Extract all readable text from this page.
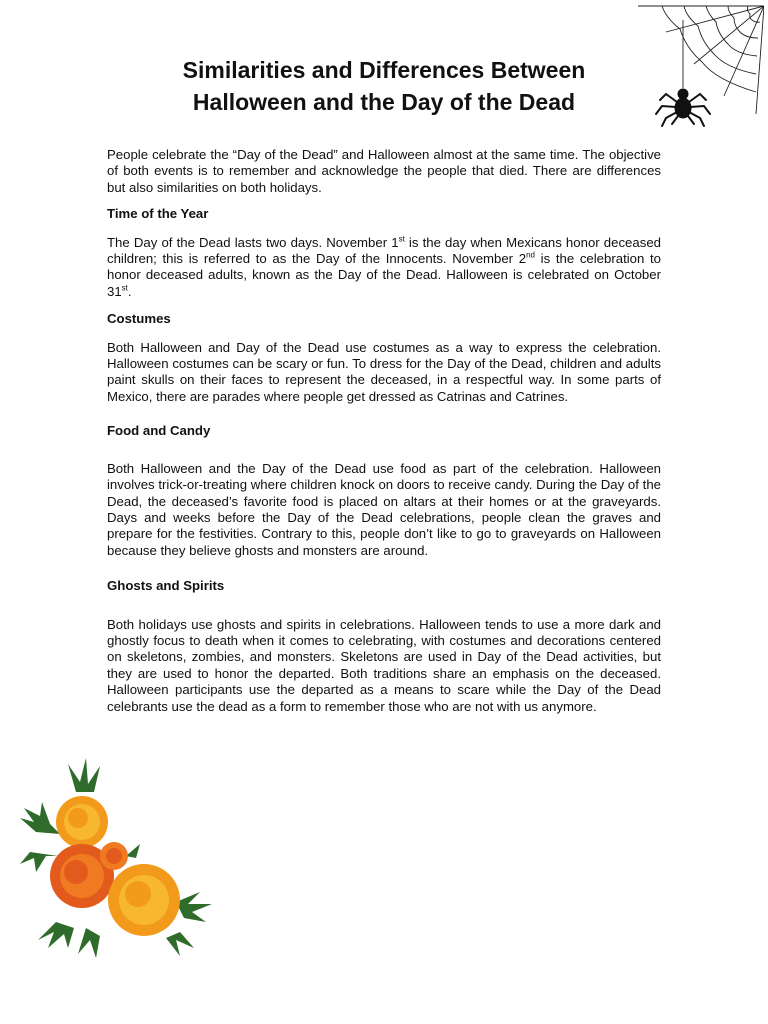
Similarities and Differences Between
Halloween and the Day of the Dead

People celebrate the “Day of the Dead” and Halloween almost at the same time. The objective of both events is to remember and acknowledge the people that died. There are differences but also similarities on both holidays.

Time of the Year

The Day of the Dead lasts two days. November 1st is the day when Mexicans honor deceased children; this is referred to as the Day of the Innocents. November 2nd is the celebration to honor deceased adults, known as the Day of the Dead. Halloween is celebrated on October 31st.

Costumes

Both Halloween and Day of the Dead use costumes as a way to express the celebration. Halloween costumes can be scary or fun. To dress for the Day of the Dead, children and adults paint skulls on their faces to represent the deceased, in a respectful way. In some parts of Mexico, there are parades where people get dressed as Catrinas and Catrines.

Food and Candy

Both Halloween and the Day of the Dead use food as part of the celebration. Halloween involves trick-or-treating where children knock on doors to receive candy. During the Day of the Dead, the deceased’s favorite food is placed on altars at their homes or at the graveyards. Days and weeks before the Day of the Dead celebrations, people clean the graves and prepare for the festivities. Contrary to this, people don’t like to go to graveyards on Halloween because they believe ghosts and monsters are around.

Ghosts and Spirits

Both holidays use ghosts and spirits in celebrations. Halloween tends to use a more dark and ghostly focus to death when it comes to celebrating, with costumes and decorations centered on skeletons, zombies, and monsters. Skeletons are used in Day of the Dead activities, but they are used to honor the departed. Both traditions share an emphasis on the deceased. Halloween participants use the departed as a means to scare while the Day of the Dead celebrants use the dead as a form to remember those who are not with us anymore.
